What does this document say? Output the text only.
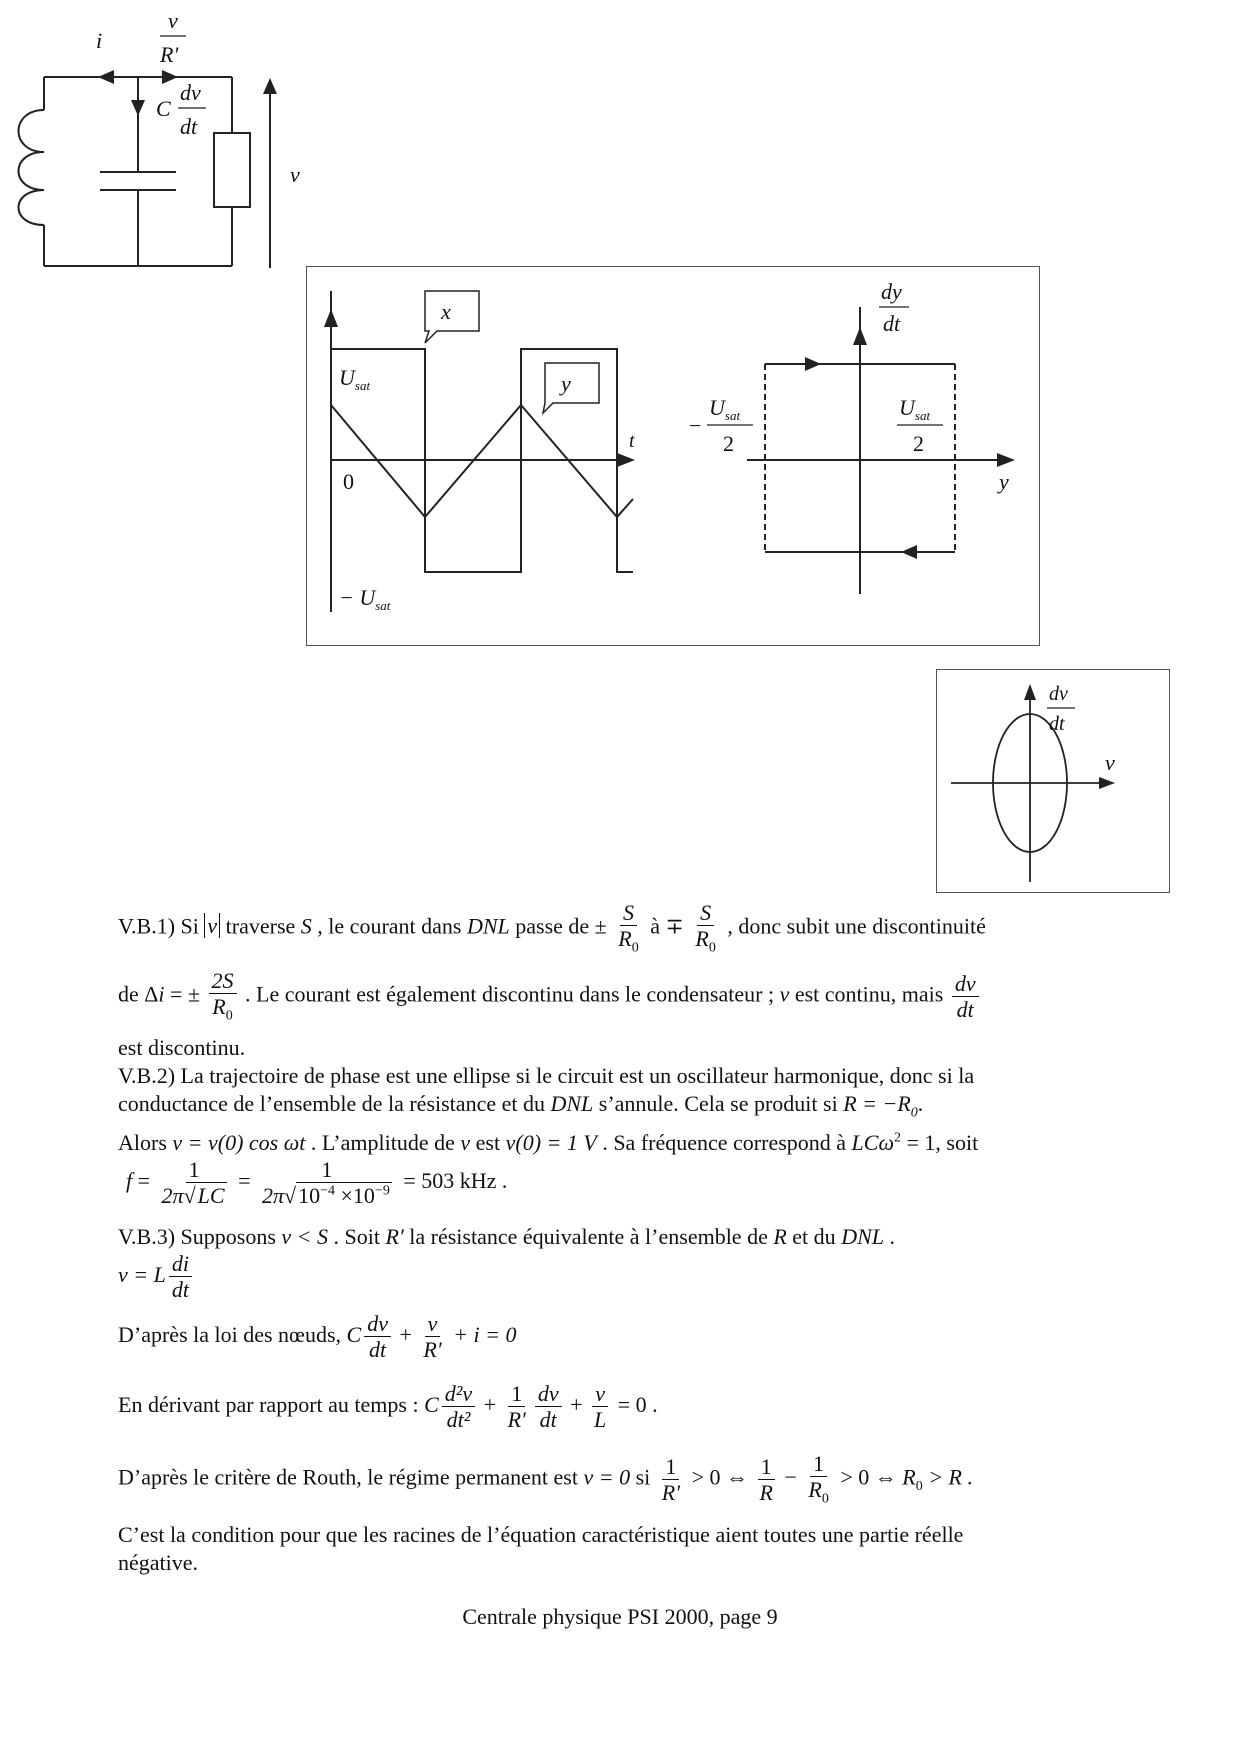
i
v
R'
C
dv
dt
v
x
y
$U_{sat}$
0
− $U_{sat}$
t
dy
dt
y
−
$U_{sat}$
2
$U_{sat}$
2
dv
dt
v
V.B.1) Si v traverse S , le courant dans DNL passe de ± $\frac{S}{R_0}$ à ∓ $\frac{S}{R_0}$ , donc subit une discontinuité
de Δi = ± $\frac{2S}{R_0}$ . Le courant est également discontinu dans le condensateur ; v est continu, mais $\frac{dv}{dt}$
est discontinu.
V.B.2) La trajectoire de phase est une ellipse si le circuit est un oscillateur harmonique, donc si la
conductance de l’ensemble de la résistance et du DNL s’annule. Cela se produit si $R = -R_0$.
Alors v = v(0) cos ωt . L’amplitude de v est v(0) = 1 V . Sa fréquence correspond à LCω$^2$ = 1, soit
$f = \frac{1}{2\pi√LC} = \frac{1}{2\pi√10^{-4} \times 10^{-9}} = 503$ kHz .
V.B.3) Supposons v < S . Soit R′ la résistance équivalente à l’ensemble de R et du DNL .
v = L $\frac{di}{dt}$
D’après la loi des nœuds, C $\frac{dv}{dt} + \frac{v}{R'} + i = 0$
En dérivant par rapport au temps : C $\frac{\text{d²v}}{\text{dt²}} + \frac{1}{R'} \frac{dv}{dt} + \frac{v}{L} = 0$ .
D’après le critère de Routh, le régime permanent est v = 0 si $\frac{1}{R'} > 0$ ⇔ $\frac{1}{R} - \frac{1}{R_0} > 0$ ⇔ $R_0 > R$ .
C’est la condition pour que les racines de l’équation caractéristique aient toutes une partie réelle
négative.
Centrale physique PSI 2000, page 9
